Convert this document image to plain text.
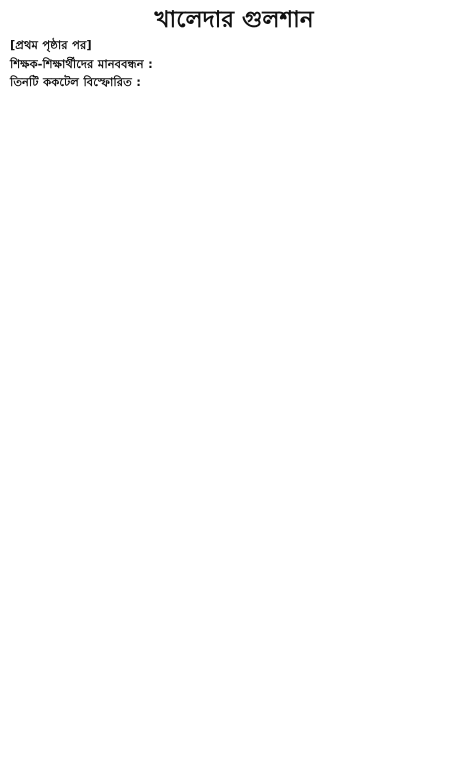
খালেদার গুলশান

[প্রথম পৃষ্ঠার পর]

শিক্ষক-শিক্ষার্থীদের মানববন্ধন :

তিনটি ককটেল বিস্ফোরিত :
